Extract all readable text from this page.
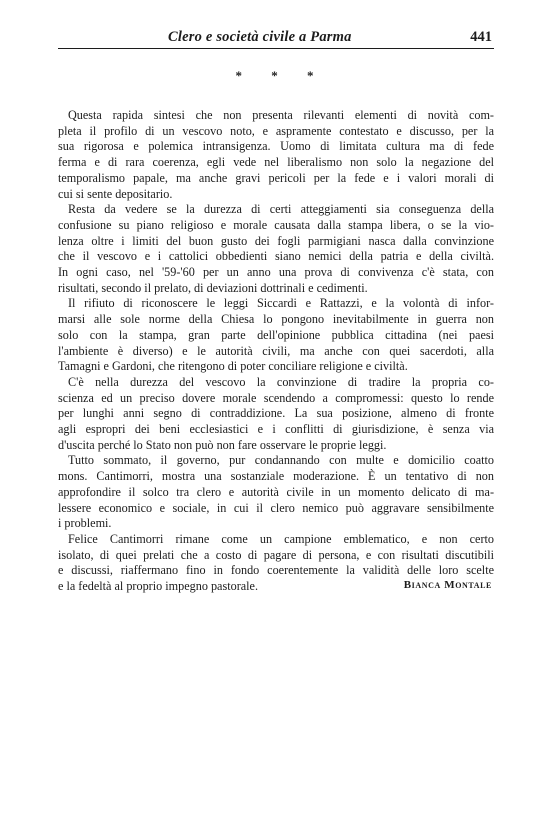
Clero e società civile a Parma	441
* * *
Questa rapida sintesi che non presenta rilevanti elementi di novità com-
pleta il profilo di un vescovo noto, e aspramente contestato e discusso, per la
sua rigorosa e polemica intransigenza. Uomo di limitata cultura ma di fede
ferma e di rara coerenza, egli vede nel liberalismo non solo la negazione del
temporalismo papale, ma anche gravi pericoli per la fede e i valori morali di
cui si sente depositario.
Resta da vedere se la durezza di certi atteggiamenti sia conseguenza della
confusione su piano religioso e morale causata dalla stampa libera, o se la vio-
lenza oltre i limiti del buon gusto dei fogli parmigiani nasca dalla convinzione
che il vescovo e i cattolici obbedienti siano nemici della patria e della civiltà.
In ogni caso, nel '59-'60 per un anno una prova di convivenza c'è stata, con
risultati, secondo il prelato, di deviazioni dottrinali e cedimenti.
Il rifiuto di riconoscere le leggi Siccardi e Rattazzi, e la volontà di infor-
marsi alle sole norme della Chiesa lo pongono inevitabilmente in guerra non
solo con la stampa, gran parte dell'opinione pubblica cittadina (nei paesi
l'ambiente è diverso) e le autorità civili, ma anche con quei sacerdoti, alla
Tamagni e Gardoni, che ritengono di poter conciliare religione e civiltà.
C'è nella durezza del vescovo la convinzione di tradire la propria co-
scienza ed un preciso dovere morale scendendo a compromessi: questo lo rende
per lunghi anni segno di contraddizione. La sua posizione, almeno di fronte
agli espropri dei beni ecclesiastici e i conflitti di giurisdizione, è senza via
d'uscita perché lo Stato non può non fare osservare le proprie leggi.
Tutto sommato, il governo, pur condannando con multe e domicilio coatto
mons. Cantimorri, mostra una sostanziale moderazione. È un tentativo di non
approfondire il solco tra clero e autorità civile in un momento delicato di ma-
lessere economico e sociale, in cui il clero nemico può aggravare sensibilmente
i problemi.
Felice Cantimorri rimane come un campione emblematico, e non certo
isolato, di quei prelati che a costo di pagare di persona, e con risultati discutibili
e discussi, riaffermano fino in fondo coerentemente la validità delle loro scelte
e la fedeltà al proprio impegno pastorale.	Bianca Montale
